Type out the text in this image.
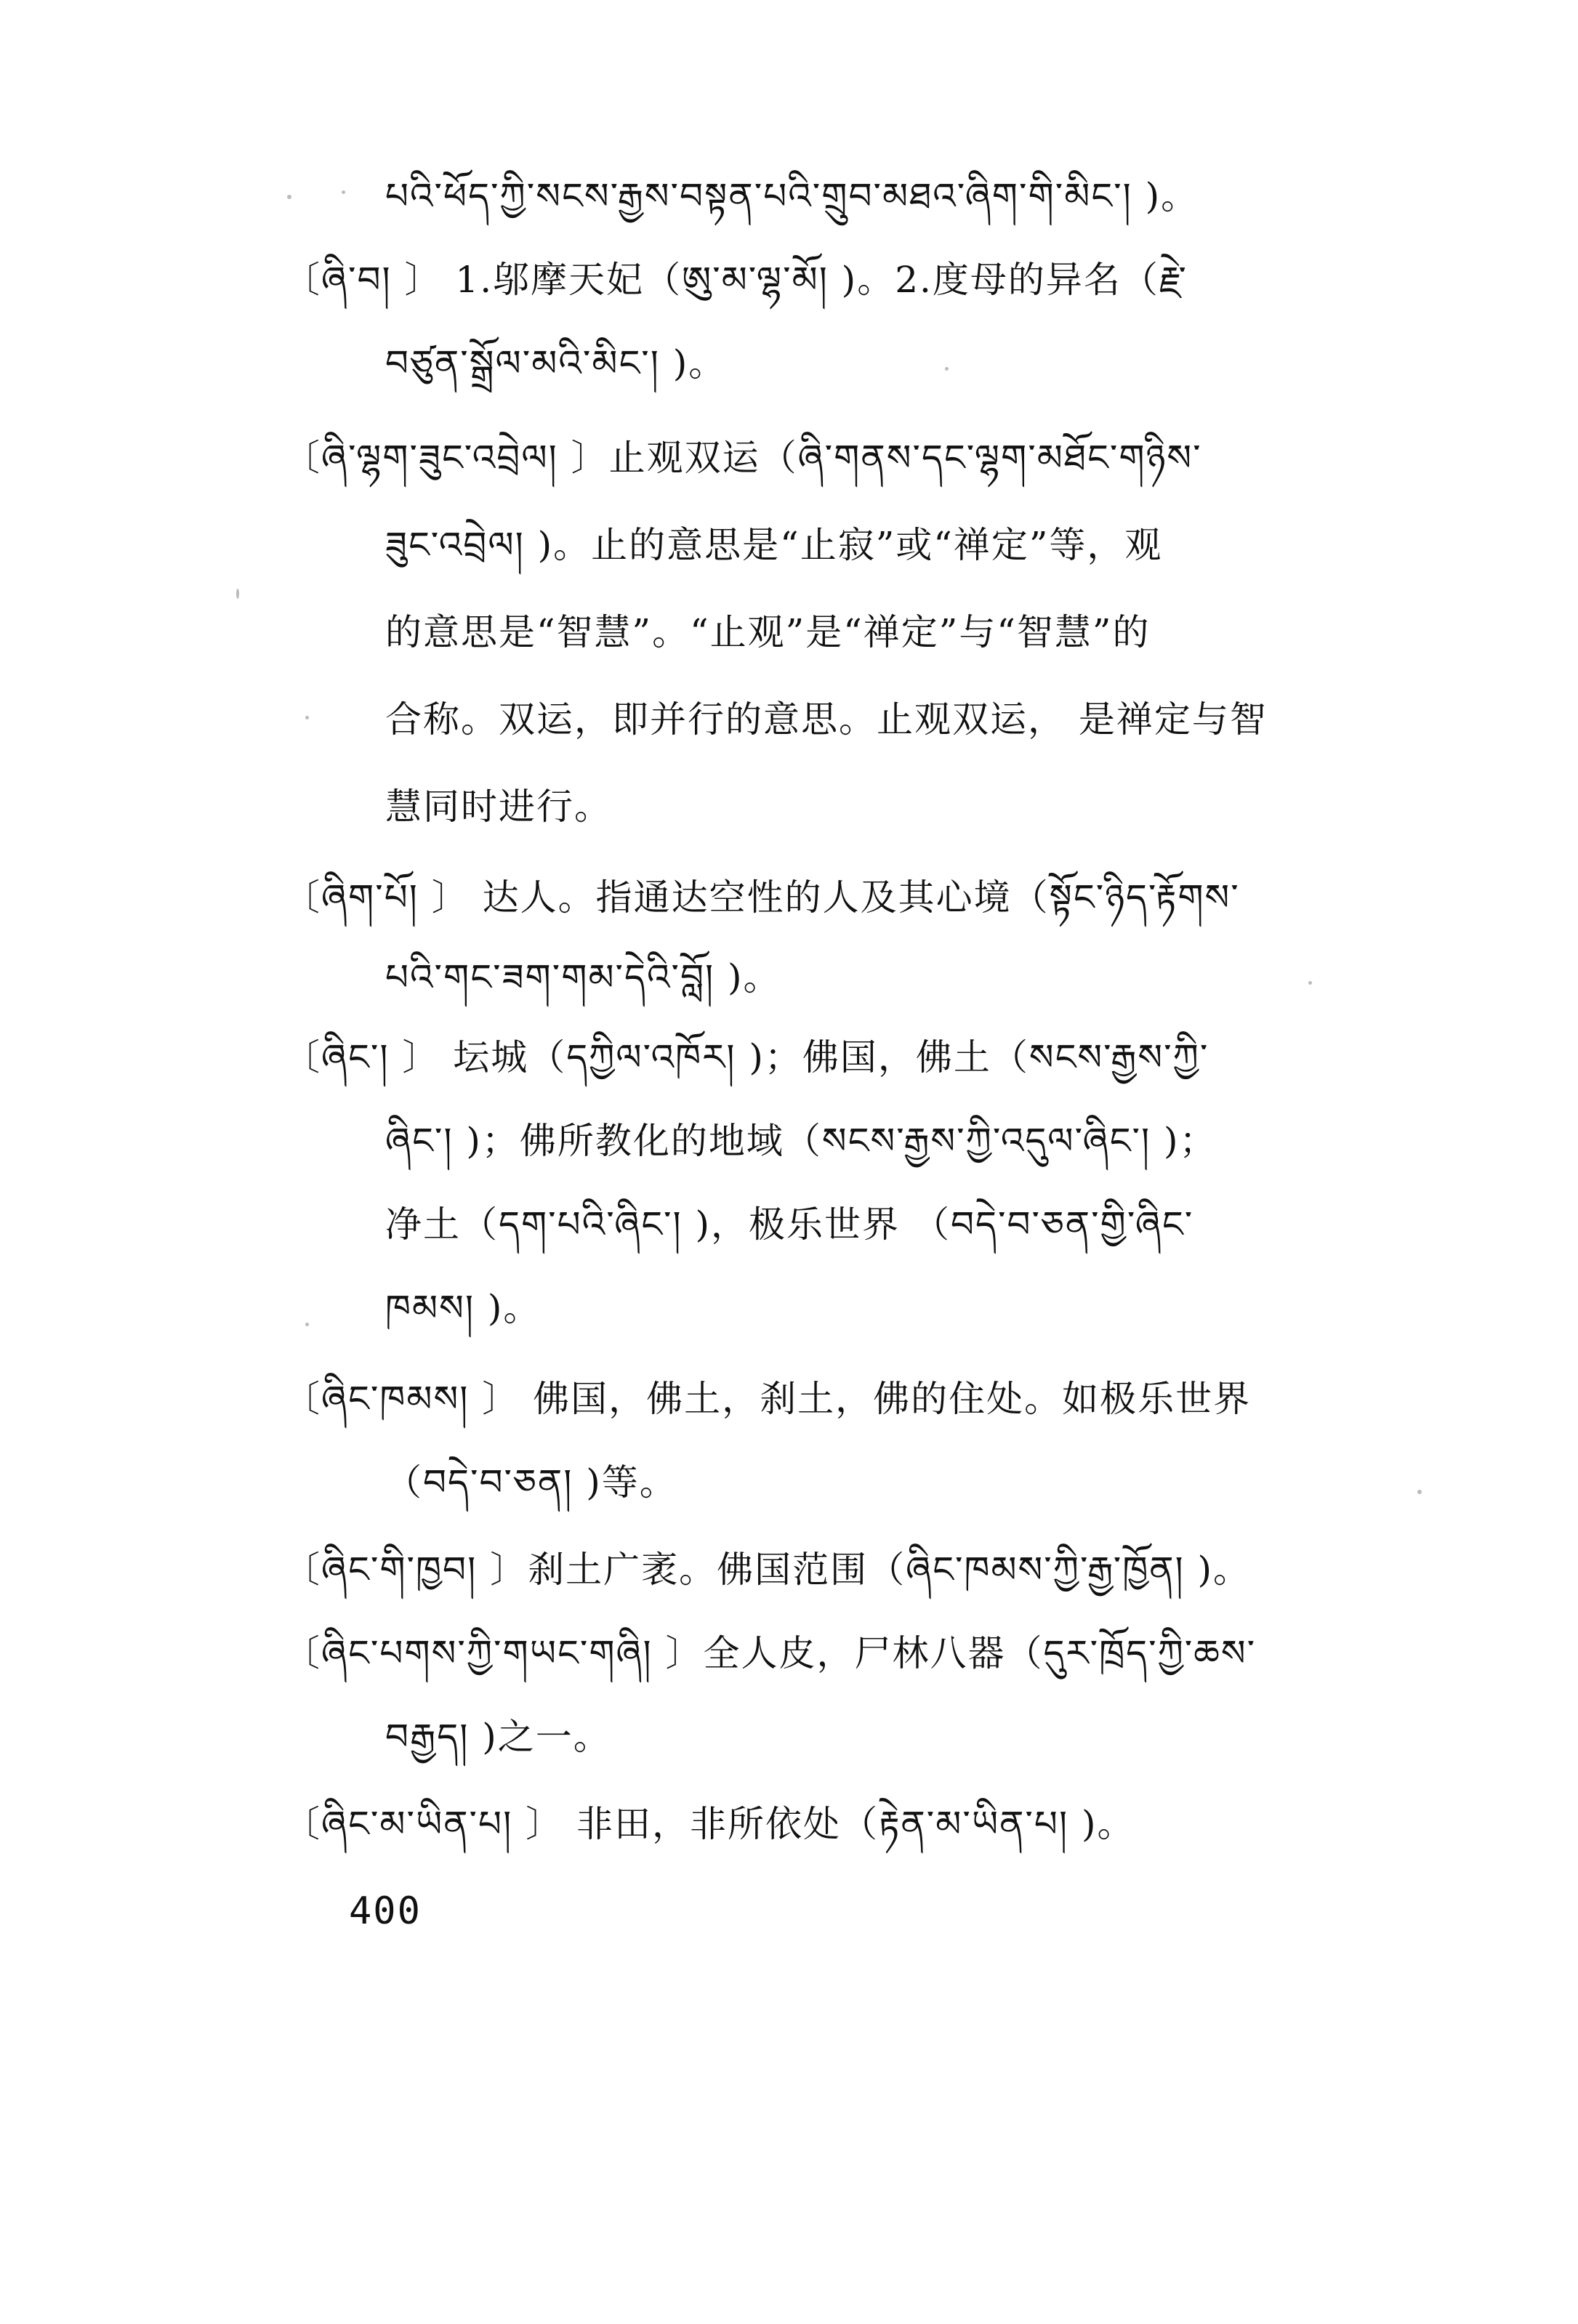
པའི་ཕོད་ཀྱི་སངས་རྒྱས་བསྟན་པའི་གྲུབ་མཐའ་ཞིག་གི་མིང་། )。
〔ཞི་བ། 〕 1.邬摩天妃（ཨུ་མ་ལྷ་མོ། )。2.度母的异名（རྗེ་
བཙུན་སྒྲོལ་མའི་མིང་། )。
〔ཞི་ལྷག་ཟུང་འབྲེལ། 〕止观双运（ཞི་གནས་དང་ལྷག་མཐོང་གཉིས་
ཟུང་འབྲེལ། )。止的意思是“止寂”或“禅定”等，观
的意思是“智慧”。“止观”是“禅定”与“智慧”的
合称。双运，即并行的意思。止观双运， 是禅定与智
慧同时进行。
〔ཞིག་པོ། 〕 达人。指通达空性的人及其心境（སྟོང་ཉིད་རྟོགས་
པའི་གང་ཟག་གམ་དེའི་བློ། )。
〔ཞིང་། 〕 坛城（དཀྱིལ་འཁོར། )；佛国，佛土（སངས་རྒྱས་ཀྱི་
ཞིང་། )；佛所教化的地域（སངས་རྒྱས་ཀྱི་འདུལ་ཞིང་། )；
净土（དག་པའི་ཞིང་། )，极乐世界 （བདེ་བ་ཅན་གྱི་ཞིང་
ཁམས། )。
〔ཞིང་ཁམས། 〕 佛国，佛土，刹土，佛的住处。如极乐世界
（བདེ་བ་ཅན། )等。
〔ཞིང་གི་ཁྱབ། 〕刹土广袤。佛国范围（ཞིང་ཁམས་ཀྱི་རྒྱ་ཁྱོན། )。
〔ཞིང་པགས་ཀྱི་གཡང་གཞི། 〕全人皮，尸林八器（དུར་ཁྲོད་ཀྱི་ཆས་
བརྒྱད། )之一。
〔ཞིང་མ་ཡིན་པ། 〕 非田，非所依处（རྟེན་མ་ཡིན་པ། )。
400
